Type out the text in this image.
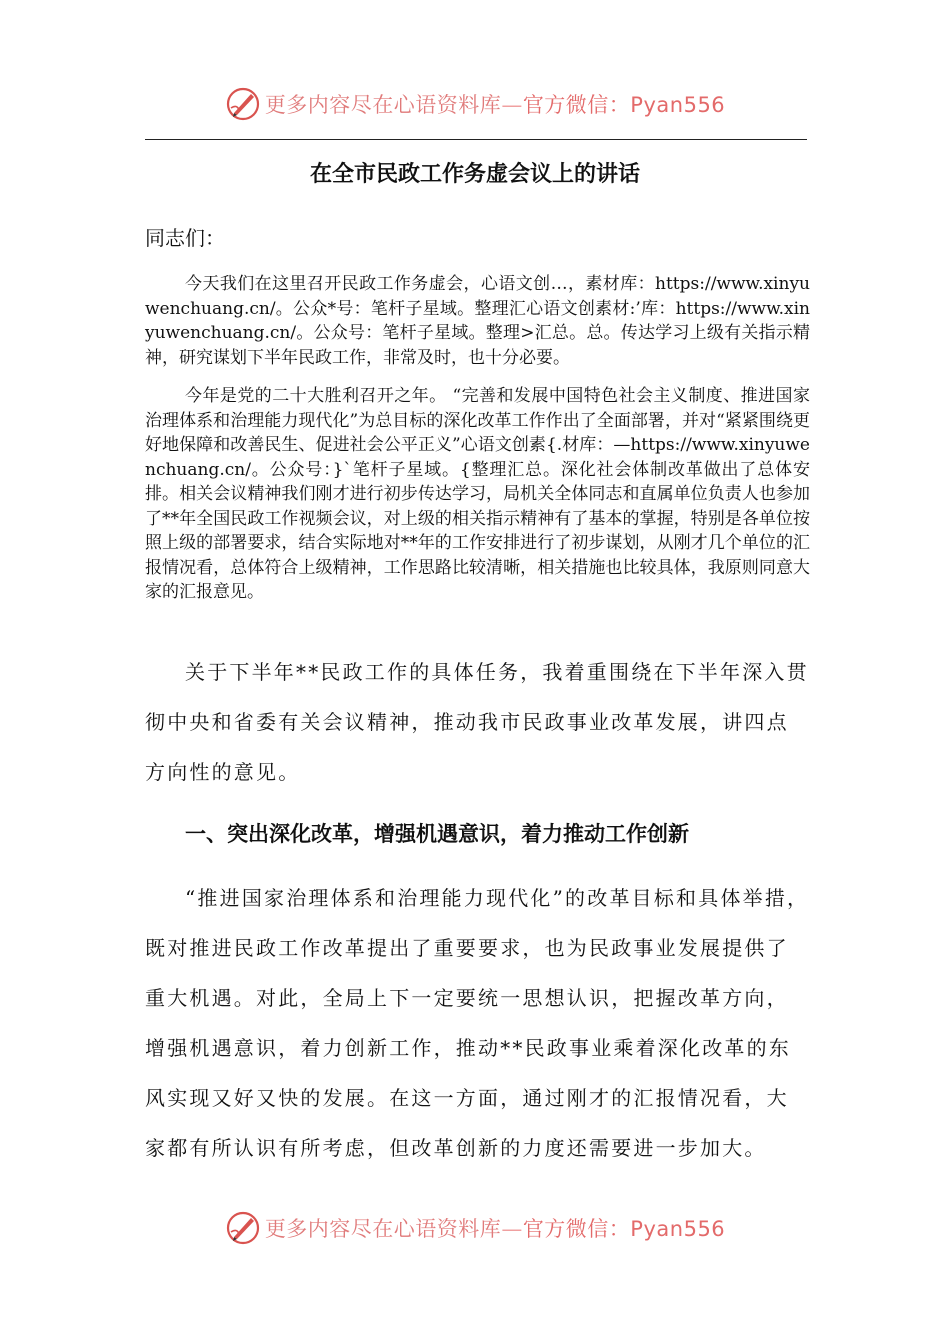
更多内容尽在心语资料库—官方微信：Pyan556
在全市民政工作务虚会议上的讲话
同志们：

今天我们在这里召开民政工作务虚会，心语文创…，素材库：https://www.xinyuwenchuang.cn/。公众*号：笔杆子星域。整理汇心语文创素材:’库：https://www.xinyuwenchuang.cn/。公众号：笔杆子星域。整理>汇总。总。传达学习上级有关指示精神，研究谋划下半年民政工作，非常及时，也十分必要。

今年是党的二十大胜利召开之年。 “完善和发展中国特色社会主义制度、推进国家治理体系和治理能力现代化”为总目标的深化改革工作作出了全面部署，并对“紧紧围绕更好地保障和改善民生、促进社会公平正义”心语文创素{.材库：—https://www.xinyuwenchuang.cn/。公众号：}`笔杆子星域。{整理汇总。深化社会体制改革做出了总体安排。相关会议精神我们刚才进行初步传达学习，局机关全体同志和直属单位负责人也参加了**年全国民政工作视频会议，对上级的相关指示精神有了基本的掌握，特别是各单位按照上级的部署要求，结合实际地对**年的工作安排进行了初步谋划，从刚才几个单位的汇报情况看，总体符合上级精神，工作思路比较清晰，相关措施也比较具体，我原则同意大家的汇报意见。

关于下半年**民政工作的具体任务，我着重围绕在下半年深入贯彻中央和省委有关会议精神，推动我市民政事业改革发展，讲四点方向性的意见。

一、突出深化改革，增强机遇意识，着力推动工作创新

“推进国家治理体系和治理能力现代化”的改革目标和具体举措，既对推进民政工作改革提出了重要要求，也为民政事业发展提供了重大机遇。对此，全局上下一定要统一思想认识，把握改革方向，增强机遇意识，着力创新工作，推动**民政事业乘着深化改革的东风实现又好又快的发展。在这一方面，通过刚才的汇报情况看，大家都有所认识有所考虑，但改革创新的力度还需要进一步加大。

更多内容尽在心语资料库—官方微信：Pyan556
